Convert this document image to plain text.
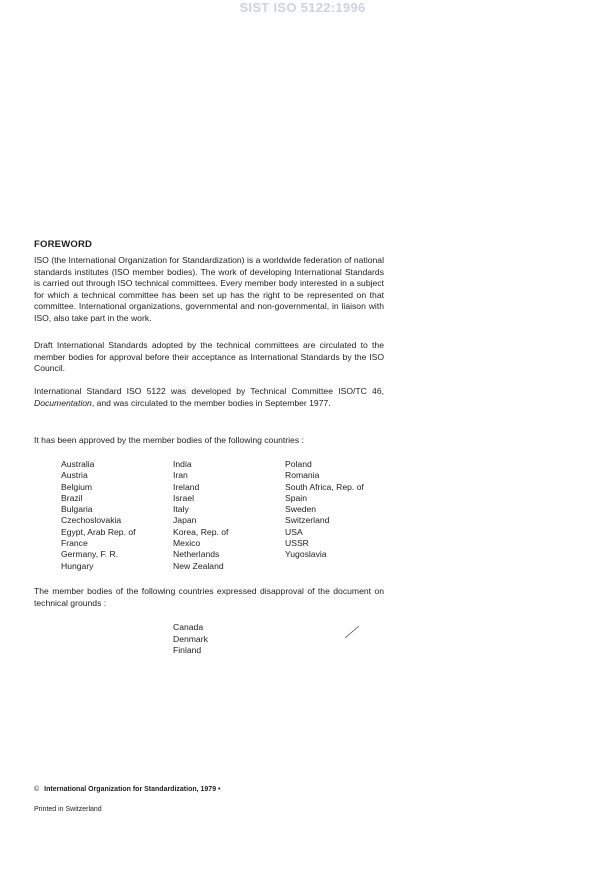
SIST ISO 5122:1996
FOREWORD

ISO (the International Organization for Standardization) is a worldwide federation of national standards institutes (ISO member bodies). The work of developing International Standards is carried out through ISO technical committees. Every member body interested in a subject for which a technical committee has been set up has the right to be represented on that committee. International organizations, governmental and non-governmental, in liaison with ISO, also take part in the work.

Draft International Standards adopted by the technical committees are circulated to the member bodies for approval before their acceptance as International Standards by the ISO Council.

International Standard ISO 5122 was developed by Technical Committee ISO/TC 46, Documentation, and was circulated to the member bodies in September 1977.

It has been approved by the member bodies of the following countries :

Australia
Austria
Belgium
Brazil
Bulgaria
Czechoslovakia
Egypt, Arab Rep. of
France
Germany, F. R.
Hungary
India
Iran
Ireland
Israel
Italy
Japan
Korea, Rep. of
Mexico
Netherlands
New Zealand
Poland
Romania
South Africa, Rep. of
Spain
Sweden
Switzerland
USA
USSR
Yugoslavia

The member bodies of the following countries expressed disapproval of the document on technical grounds :

Canada
Denmark
Finland
© International Organization for Standardization, 1979 •
Printed in Switzerland
